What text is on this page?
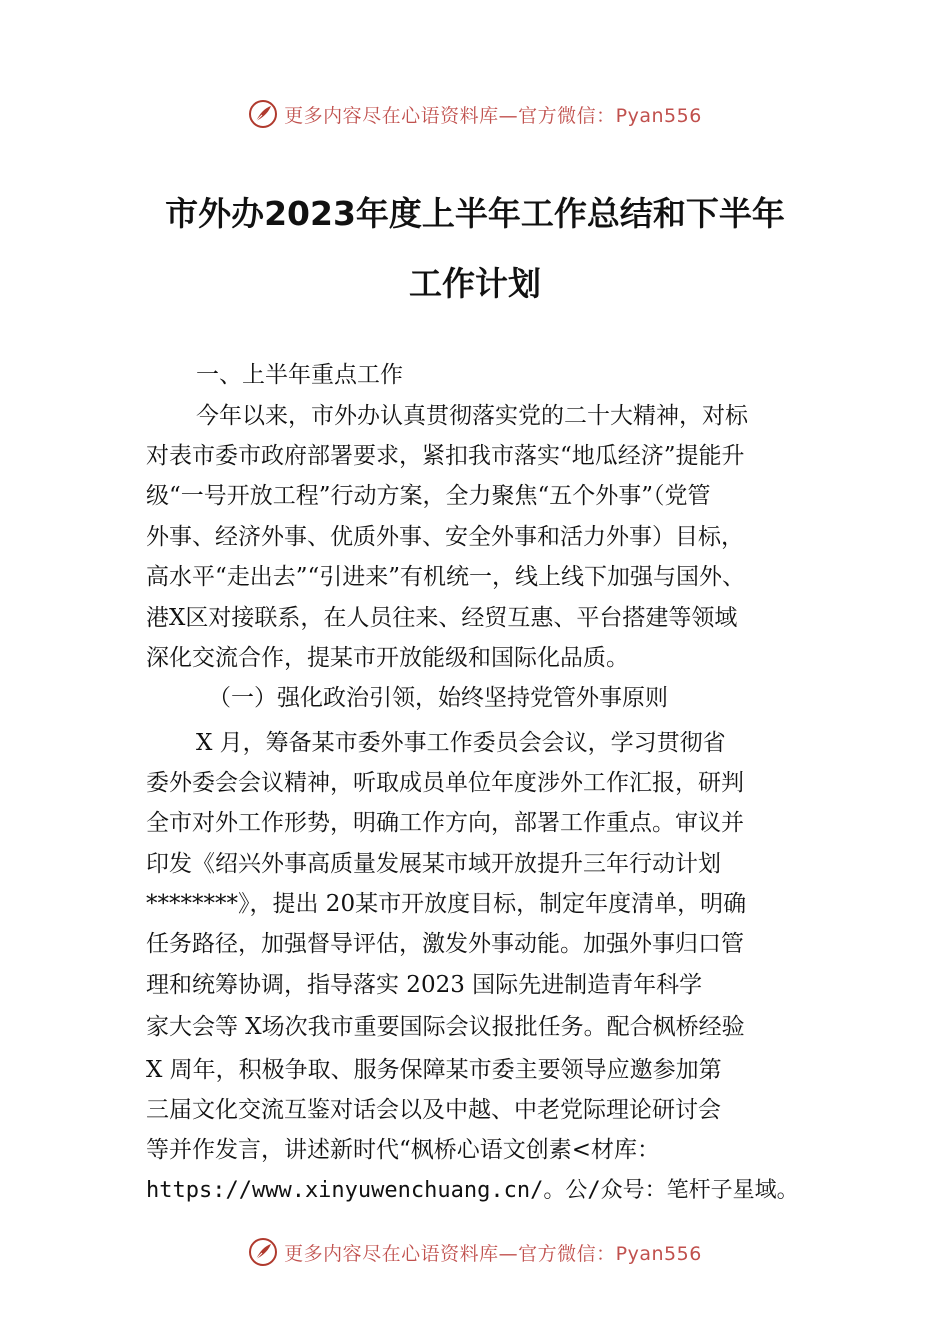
更多内容尽在心语资料库—官方微信：Pyan556
市外办2023年度上半年工作总结和下半年
工作计划
一、上半年重点工作
今年以来，市外办认真贯彻落实党的二十大精神，对标
对表市委市政府部署要求，紧扣我市落实“地瓜经济”提能升
级“一号开放工程”行动方案，全力聚焦“五个外事”（党管
外事、经济外事、优质外事、安全外事和活力外事）目标，
高水平“走出去”“引进来”有机统一，线上线下加强与国外、
港X区对接联系，在人员往来、经贸互惠、平台搭建等领域
深化交流合作，提某市开放能级和国际化品质。
（一）强化政治引领，始终坚持党管外事原则
X 月，筹备某市委外事工作委员会会议，学习贯彻省
委外委会会议精神，听取成员单位年度涉外工作汇报，研判
全市对外工作形势，明确工作方向，部署工作重点。审议并
印发《绍兴外事高质量发展某市域开放提升三年行动计划
********》，提出 20某市开放度目标，制定年度清单，明确
任务路径，加强督导评估，激发外事动能。加强外事归口管
理和统筹协调，指导落实 2023 国际先进制造青年科学
家大会等 X场次我市重要国际会议报批任务。配合枫桥经验
X 周年，积极争取、服务保障某市委主要领导应邀参加第
三届文化交流互鉴对话会以及中越、中老党际理论研讨会
等并作发言，讲述新时代“枫桥心语文创素<材库：
https://www.xinyuwenchuang.cn/。公/众号：笔杆子星域。
更多内容尽在心语资料库—官方微信：Pyan556
